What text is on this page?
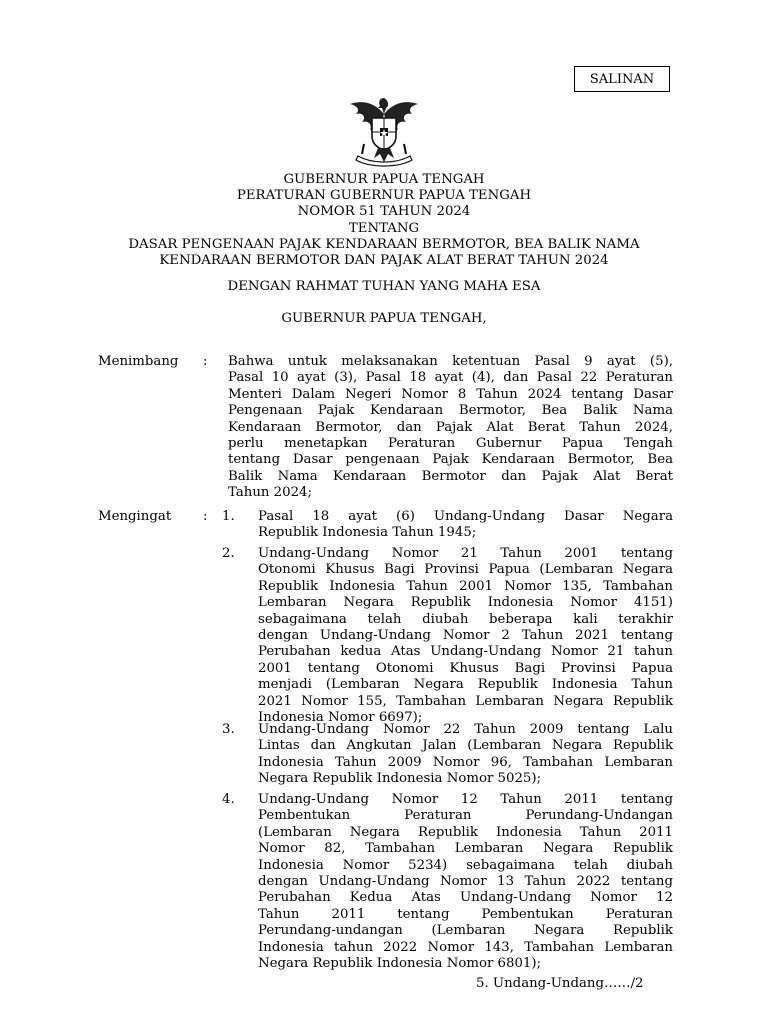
SALINAN
GUBERNUR PAPUA TENGAH
PERATURAN GUBERNUR PAPUA TENGAH
NOMOR 51 TAHUN 2024
TENTANG
DASAR PENGENAAN PAJAK KENDARAAN BERMOTOR, BEA BALIK NAMA
KENDARAAN BERMOTOR DAN PAJAK ALAT BERAT TAHUN 2024
DENGAN RAHMAT TUHAN YANG MAHA ESA
GUBERNUR PAPUA TENGAH,
Menimbang : Bahwa untuk melaksanakan ketentuan Pasal 9 ayat (5),
Pasal 10 ayat (3), Pasal 18 ayat (4), dan Pasal 22 Peraturan
Menteri Dalam Negeri Nomor 8 Tahun 2024 tentang Dasar
Pengenaan Pajak Kendaraan Bermotor, Bea Balik Nama
Kendaraan Bermotor, dan Pajak Alat Berat Tahun 2024,
perlu menetapkan Peraturan Gubernur Papua Tengah
tentang Dasar pengenaan Pajak Kendaraan Bermotor, Bea
Balik Nama Kendaraan Bermotor dan Pajak Alat Berat
Tahun 2024;
Mengingat : 1.	Pasal 18 ayat (6) Undang-Undang Dasar Negara
Republik Indonesia Tahun 1945;
2.	Undang-Undang Nomor 21 Tahun 2001 tentang
Otonomi Khusus Bagi Provinsi Papua (Lembaran Negara
Republik Indonesia Tahun 2001 Nomor 135, Tambahan
Lembaran Negara Republik Indonesia Nomor 4151)
sebagaimana telah diubah beberapa kali terakhir
dengan Undang-Undang Nomor 2 Tahun 2021 tentang
Perubahan kedua Atas Undang-Undang Nomor 21 tahun
2001 tentang Otonomi Khusus Bagi Provinsi Papua
menjadi (Lembaran Negara Republik Indonesia Tahun
2021 Nomor 155, Tambahan Lembaran Negara Republik
Indonesia Nomor 6697);
3.	Undang-Undang Nomor 22 Tahun 2009 tentang Lalu
Lintas dan Angkutan Jalan (Lembaran Negara Republik
Indonesia Tahun 2009 Nomor 96, Tambahan Lembaran
Negara Republik Indonesia Nomor 5025);
4.	Undang-Undang Nomor 12 Tahun 2011 tentang
Pembentukan Peraturan Perundang-Undangan
(Lembaran Negara Republik Indonesia Tahun 2011
Nomor 82, Tambahan Lembaran Negara Republik
Indonesia Nomor 5234) sebagaimana telah diubah
dengan Undang-Undang Nomor 13 Tahun 2022 tentang
Perubahan Kedua Atas Undang-Undang Nomor 12
Tahun 2011 tentang Pembentukan Peraturan
Perundang-undangan (Lembaran Negara Republik
Indonesia tahun 2022 Nomor 143, Tambahan Lembaran
Negara Republik Indonesia Nomor 6801);
5. Undang-Undang……/2
